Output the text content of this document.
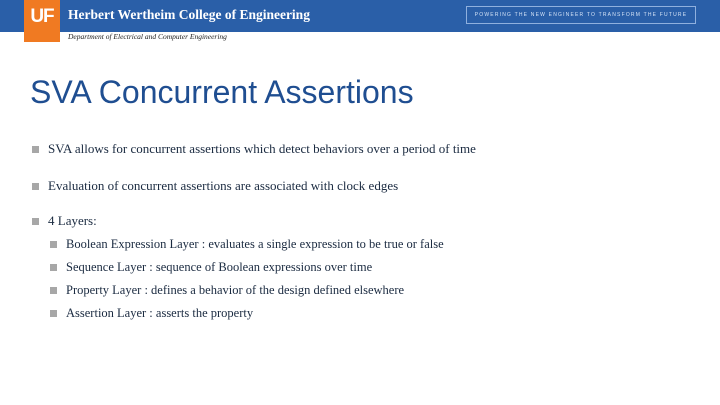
Herbert Wertheim College of Engineering	POWERING THE NEW ENGINEER TO TRANSFORM THE FUTURE
UF
Department of Electrical and Computer Engineering
SVA Concurrent Assertions
SVA allows for concurrent assertions which detect behaviors over a period of time
Evaluation of concurrent assertions are associated with clock edges
4 Layers:
Boolean Expression Layer : evaluates a single expression to be true or false
Sequence Layer : sequence of Boolean expressions over time
Property Layer : defines a behavior of the design defined elsewhere
Assertion Layer : asserts the property
